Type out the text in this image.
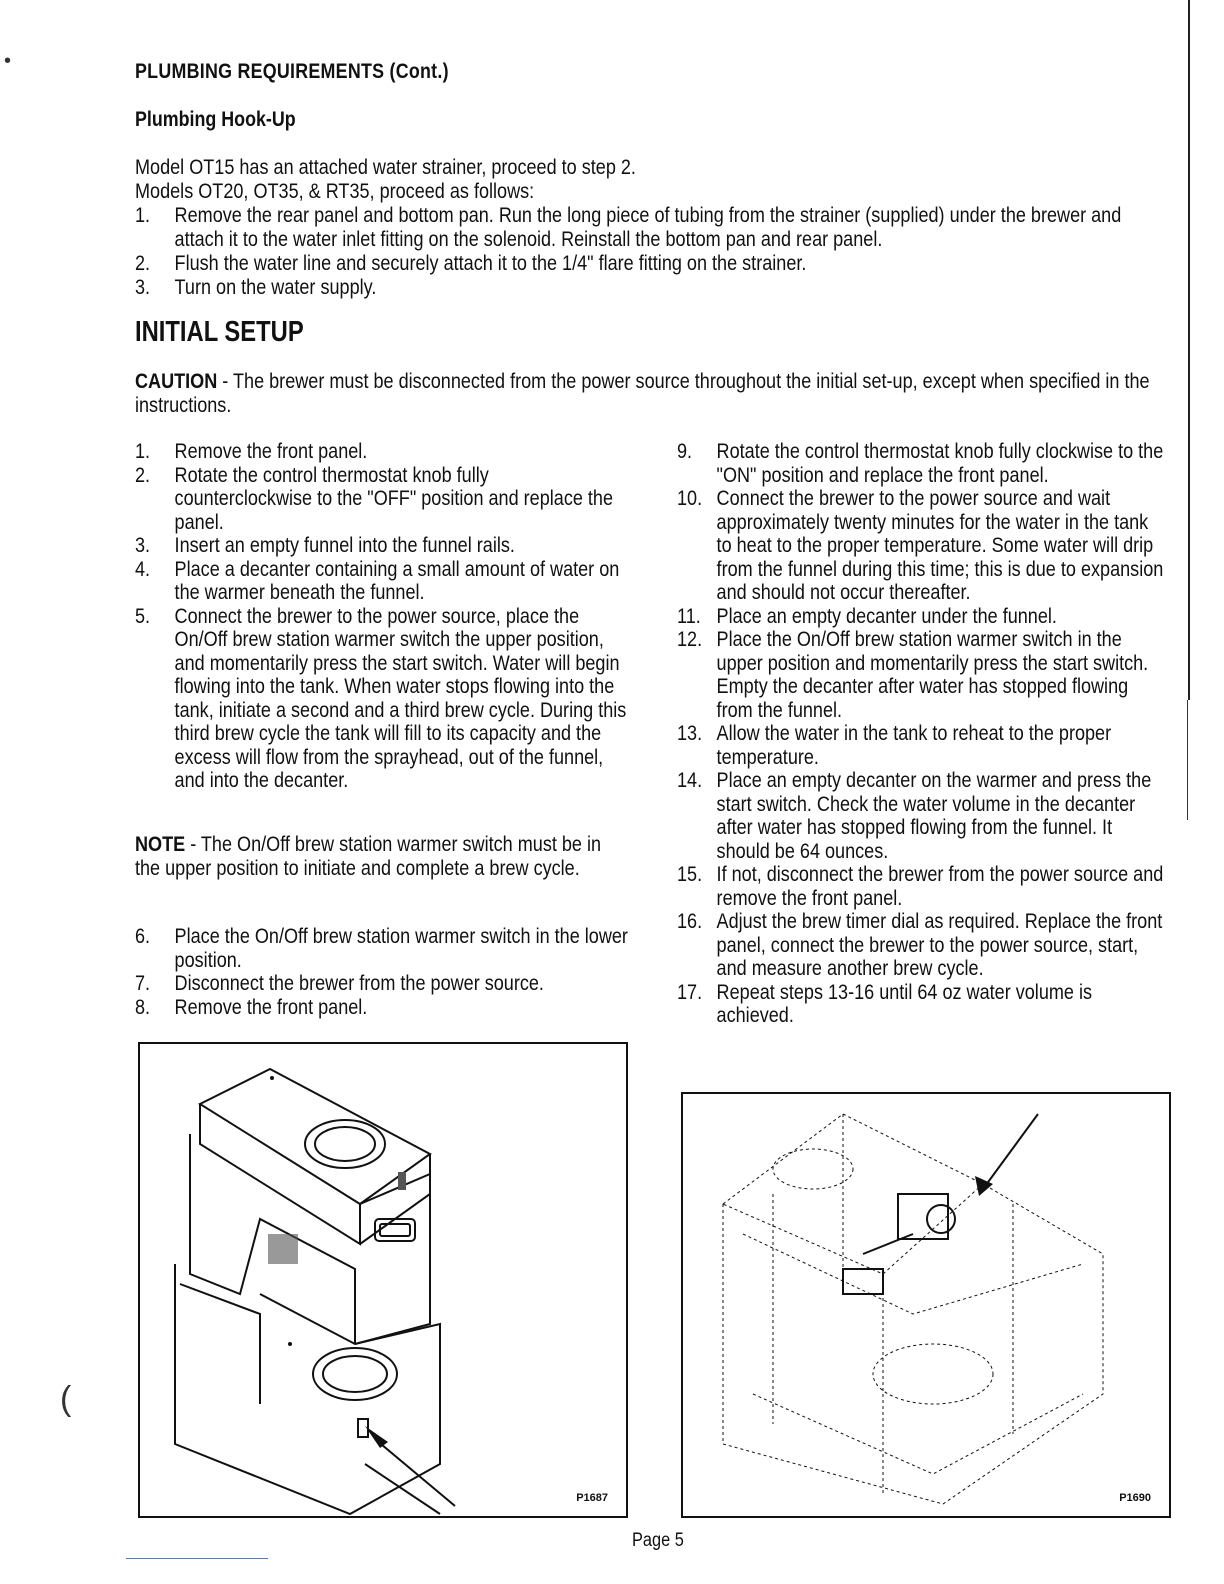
•
(
PLUMBING REQUIREMENTS (Cont.)
Plumbing Hook-Up
Model OT15 has an attached water strainer, proceed to step 2.
Models OT20, OT35, & RT35, proceed as follows:
1. Remove the rear panel and bottom pan. Run the long piece of tubing from the strainer (supplied) under the brewer and attach it to the water inlet fitting on the solenoid. Reinstall the bottom pan and rear panel.
2. Flush the water line and securely attach it to the 1/4" flare fitting on the strainer.
3. Turn on the water supply.
INITIAL SETUP
CAUTION - The brewer must be disconnected from the power source throughout the initial set-up, except when specified in the instructions.
1. Remove the front panel.
2. Rotate the control thermostat knob fully counterclockwise to the "OFF" position and replace the panel.
3. Insert an empty funnel into the funnel rails.
4. Place a decanter containing a small amount of water on the warmer beneath the funnel.
5. Connect the brewer to the power source, place the On/Off brew station warmer switch the upper position, and momentarily press the start switch. Water will begin flowing into the tank. When water stops flowing into the tank, initiate a second and a third brew cycle. During this third brew cycle the tank will fill to its capacity and the excess will flow from the sprayhead, out of the funnel, and into the decanter.
NOTE - The On/Off brew station warmer switch must be in the upper position to initiate and complete a brew cycle.
6. Place the On/Off brew station warmer switch in the lower position.
7. Disconnect the brewer from the power source.
8. Remove the front panel.
9. Rotate the control thermostat knob fully clockwise to the "ON" position and replace the front panel.
10. Connect the brewer to the power source and wait approximately twenty minutes for the water in the tank to heat to the proper temperature. Some water will drip from the funnel during this time; this is due to expansion and should not occur thereafter.
11. Place an empty decanter under the funnel.
12. Place the On/Off brew station warmer switch in the upper position and momentarily press the start switch. Empty the decanter after water has stopped flowing from the funnel.
13. Allow the water in the tank to reheat to the proper temperature.
14. Place an empty decanter on the warmer and press the start switch. Check the water volume in the decanter after water has stopped flowing from the funnel. It should be 64 ounces.
15. If not, disconnect the brewer from the power source and remove the front panel.
16. Adjust the brew timer dial as required. Replace the front panel, connect the brewer to the power source, start, and measure another brew cycle.
17. Repeat steps 13-16 until 64 oz water volume is achieved.
P1687	P1690
Page 5
